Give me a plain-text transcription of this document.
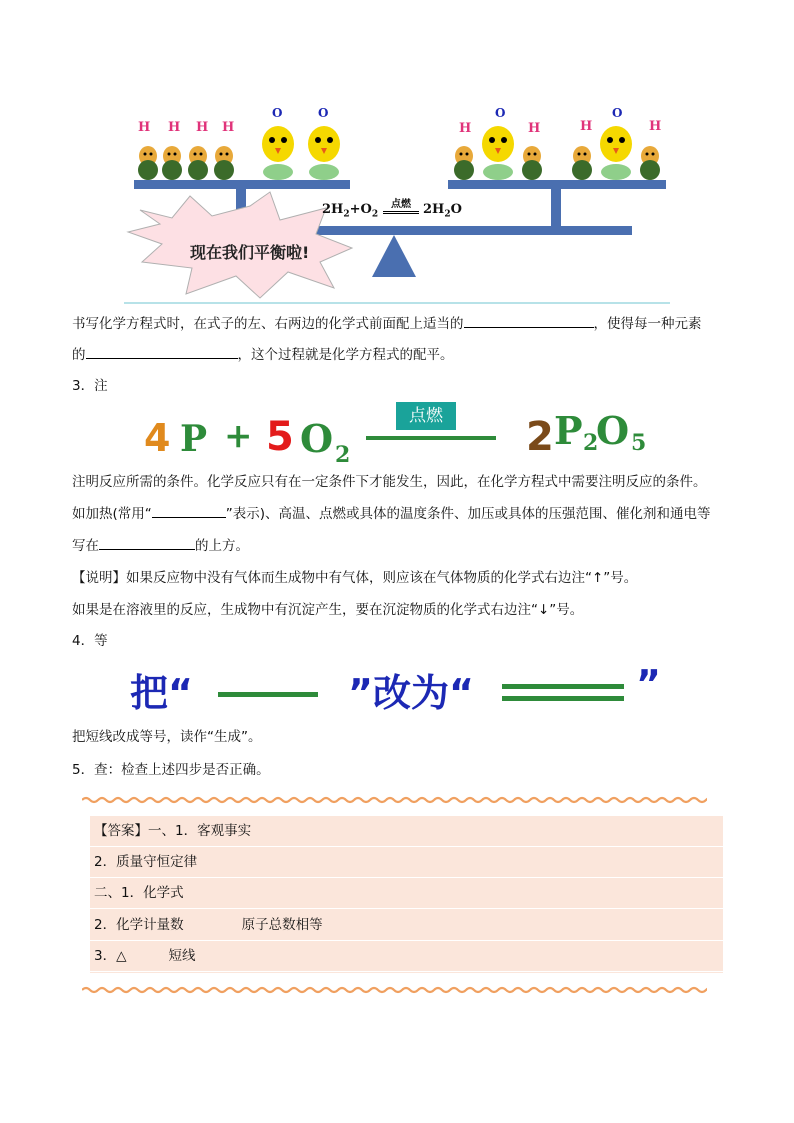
H H H H
O	O
H
O
H	H
O
H
$2H_2+O_2$
点燃 $2H_2O$
现在我们平衡啦!
书写化学方程式时，在式子的左、右两边的化学式前面配上适当的	，使得每一种元素
的	，这个过程就是化学方程式的配平。
3．注
4 P + 5 O 2
点燃	2 P 2
O 5
注明反应所需的条件。化学反应只有在一定条件下才能发生，因此，在化学方程式中需要注明反应的条件。
如加热(常用“	”表示)、高温、点燃或具体的温度条件、加压或具体的压强范围、催化剂和通电等
写在	的上方。
【说明】如果反应物中没有气体而生成物中有气体，则应该在气体物质的化学式右边注“↑”号。
如果是在溶液里的反应，生成物中有沉淀产生，要在沉淀物质的化学式右边注“↓”号。
4．等
把“	”改为“	”
把短线改成等号，读作“生成”。
5．查：检查上述四步是否正确。
【答案】一、1．客观事实
2．质量守恒定律
二、1．化学式
2．化学计量数	原子总数相等
3．△	短线
